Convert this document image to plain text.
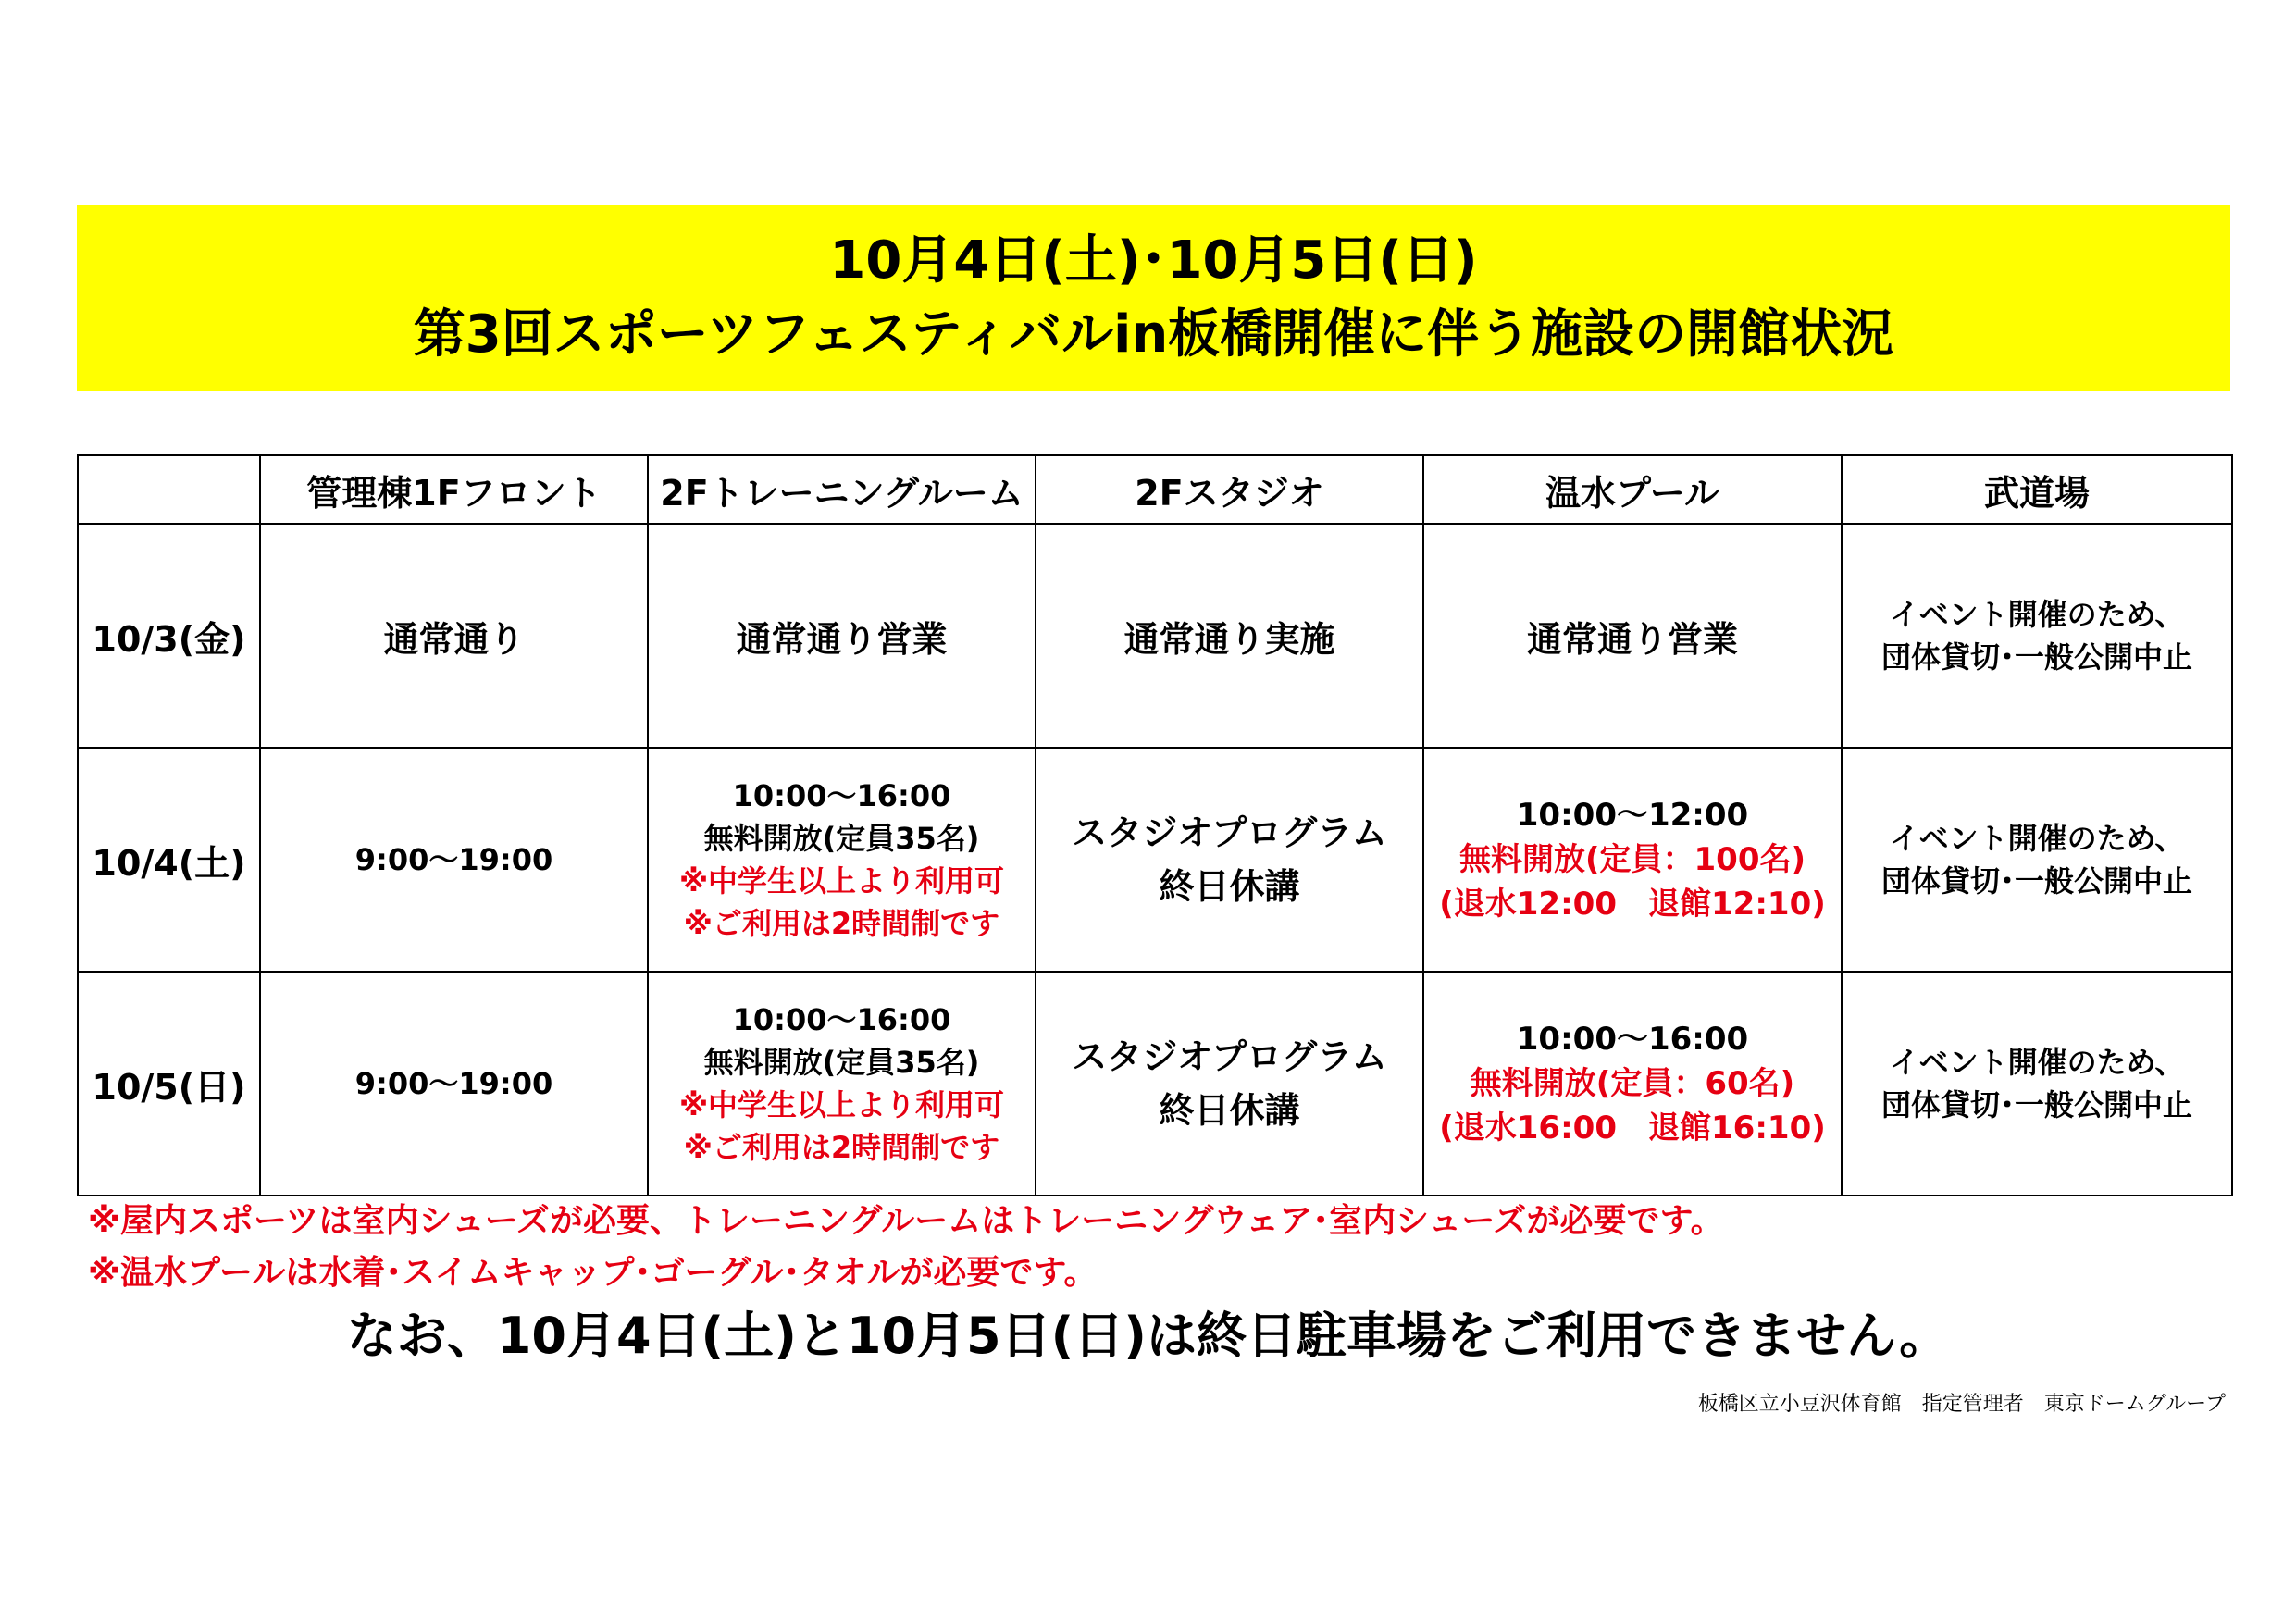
10月4日(土)･10月5日(日)
第3回スポーツフェスティバルin板橋開催に伴う施設の開館状況
	管理棟1Fフロント	2Fトレーニングルーム	2Fスタジオ	温水プール	武道場
10/3(金)	通常通り	通常通り営業	通常通り実施	通常通り営業	イベント開催のため、
団体貸切･一般公開中止

10/4(土)	9:00～19:00	10:00～16:00
無料開放(定員35名)
※中学生以上より利用可
※ご利用は2時間制です	スタジオプログラム
終日休講	10:00～12:00
無料開放(定員：100名)
(退水12:00　退館12:10)	イベント開催のため、
団体貸切･一般公開中止

10/5(日)	9:00～19:00	10:00～16:00
無料開放(定員35名)
※中学生以上より利用可
※ご利用は2時間制です	スタジオプログラム
終日休講	10:00～16:00
無料開放(定員：60名)
(退水16:00　退館16:10)	イベント開催のため、
団体貸切･一般公開中止
※屋内スポーツは室内シューズが必要、トレーニングルームはトレーニングウェア･室内シューズが必要です。
※温水プールは水着･スイムキャップ･ゴーグル･タオルが必要です。
なお、10月4日(土)と10月5日(日)は終日駐車場をご利用できません。
板橋区立小豆沢体育館　指定管理者　東京ドームグループ
